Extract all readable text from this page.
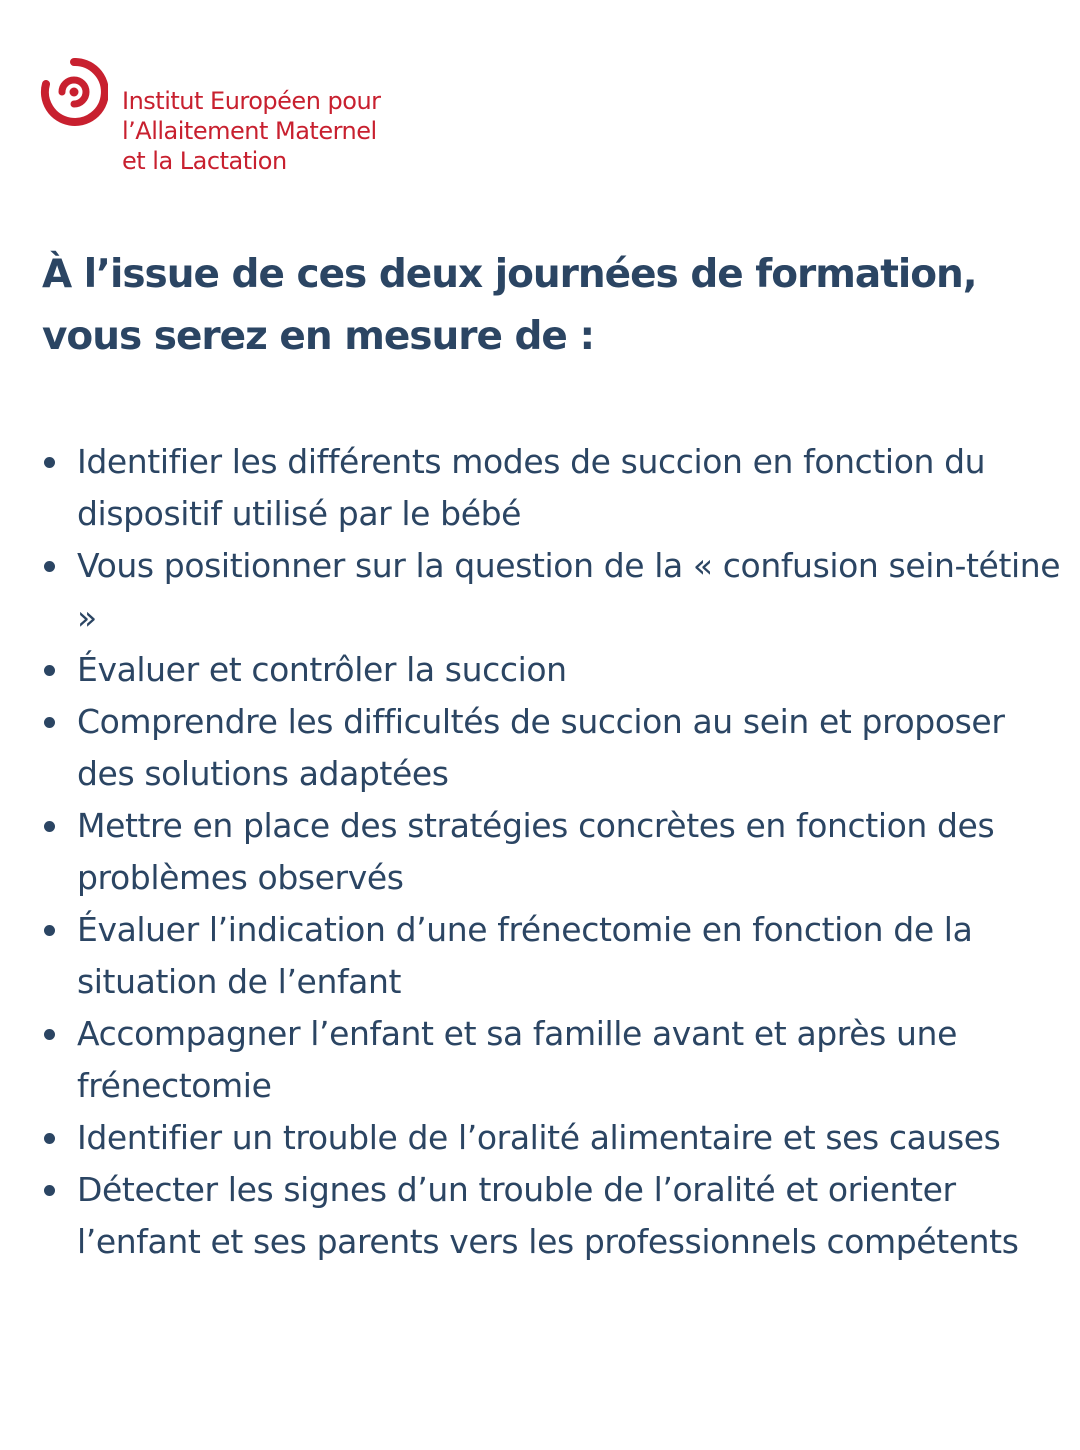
Institut Européen pour
l’Allaitement Maternel
et la Lactation
À l’issue de ces deux journées de formation, vous serez en mesure de :
Identifier les différents modes de succion en fonction du dispositif utilisé par le bébé
Vous positionner sur la question de la « confusion sein-tétine »
Évaluer et contrôler la succion
Comprendre les difficultés de succion au sein et proposer des solutions adaptées
Mettre en place des stratégies concrètes en fonction des problèmes observés
Évaluer l’indication d’une frénectomie en fonction de la situation de l’enfant
Accompagner l’enfant et sa famille avant et après une frénectomie
Identifier un trouble de l’oralité alimentaire et ses causes
Détecter les signes d’un trouble de l’oralité et orienter l’enfant et ses parents vers les professionnels compétents
